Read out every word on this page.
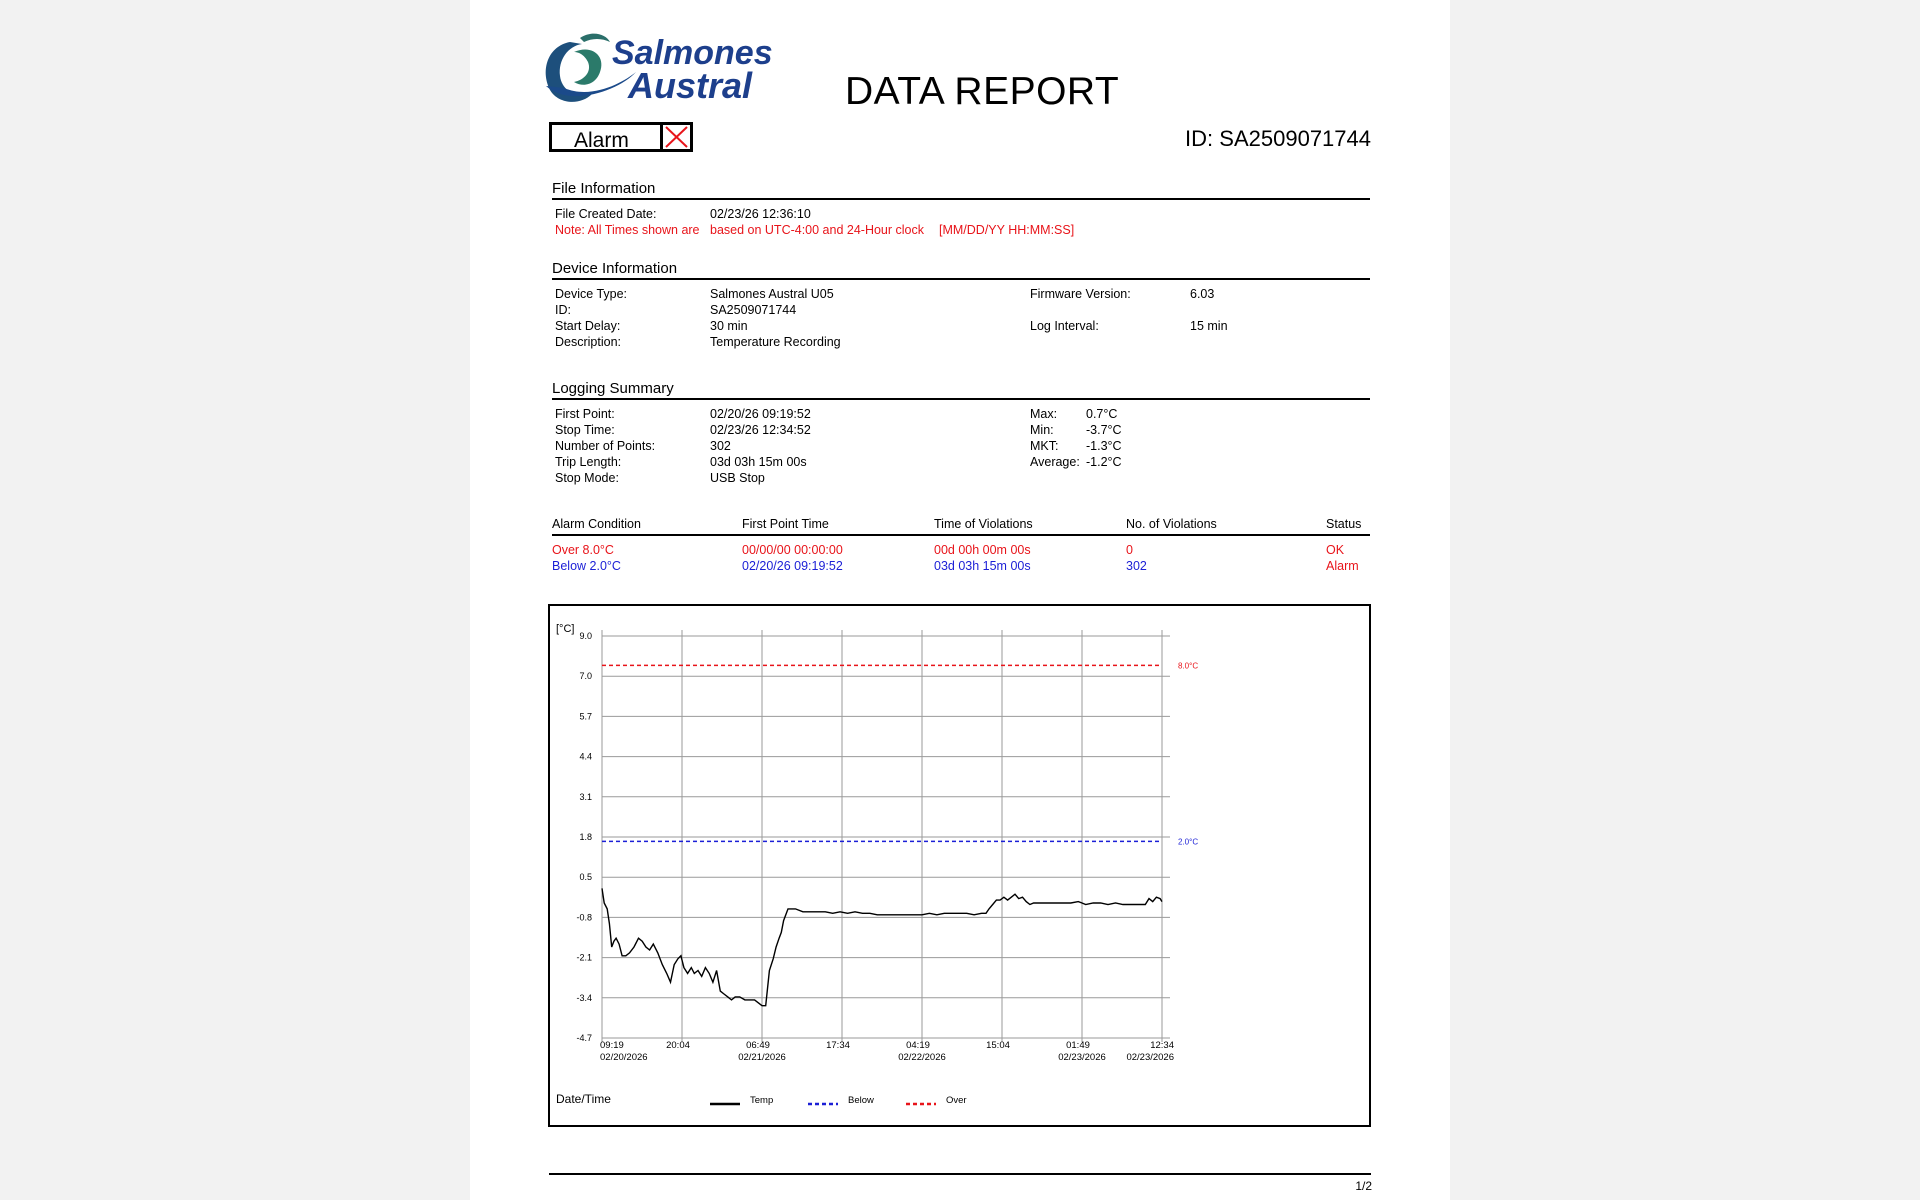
Salmones
Austral DATA REPORT
Alarm	ID: SA2509071744
File Information
File Created Date:	02/23/26 12:36:10
Note: All Times shown are based on UTC-4:00 and 24-Hour clock [MM/DD/YY HH:MM:SS]
Device Information
Device Type:	Salmones Austral U05
ID:	SA2509071744
Start Delay:	30 min
Description:	Temperature Recording
Firmware Version:	6.03
Log Interval:	15 min
Logging Summary
First Point:	02/20/26 09:19:52
Stop Time:	02/23/26 12:34:52
Number of Points:	302
Trip Length:	03d 03h 15m 00s
Stop Mode:	USB Stop
Max: 0.7°C
Min:	-3.7°C
MKT: -1.3°C
Average: -1.2°C
Alarm Condition	First Point Time	Time of Violations	No. of Violations	Status
Over 8.0°C	00/00/00 00:00:00	00d 00h 00m 00s	0	OK
Below 2.0°C	02/20/26 09:19:52	03d 03h 15m 00s	302	Alarm
9.0
7.0
5.7
4.4
3.1
1.8
0.5
-0.8
-2.1
-3.4
-4.7
09:19
02/20/2026
20:04	06:49
02/21/2026
17:34	04:19
02/22/2026
15:04	01:49
02/23/2026
12:34
02/23/2026
[°C]
8.0°C
2.0°C
Date/Time	Temp	Below	Over
1/2
